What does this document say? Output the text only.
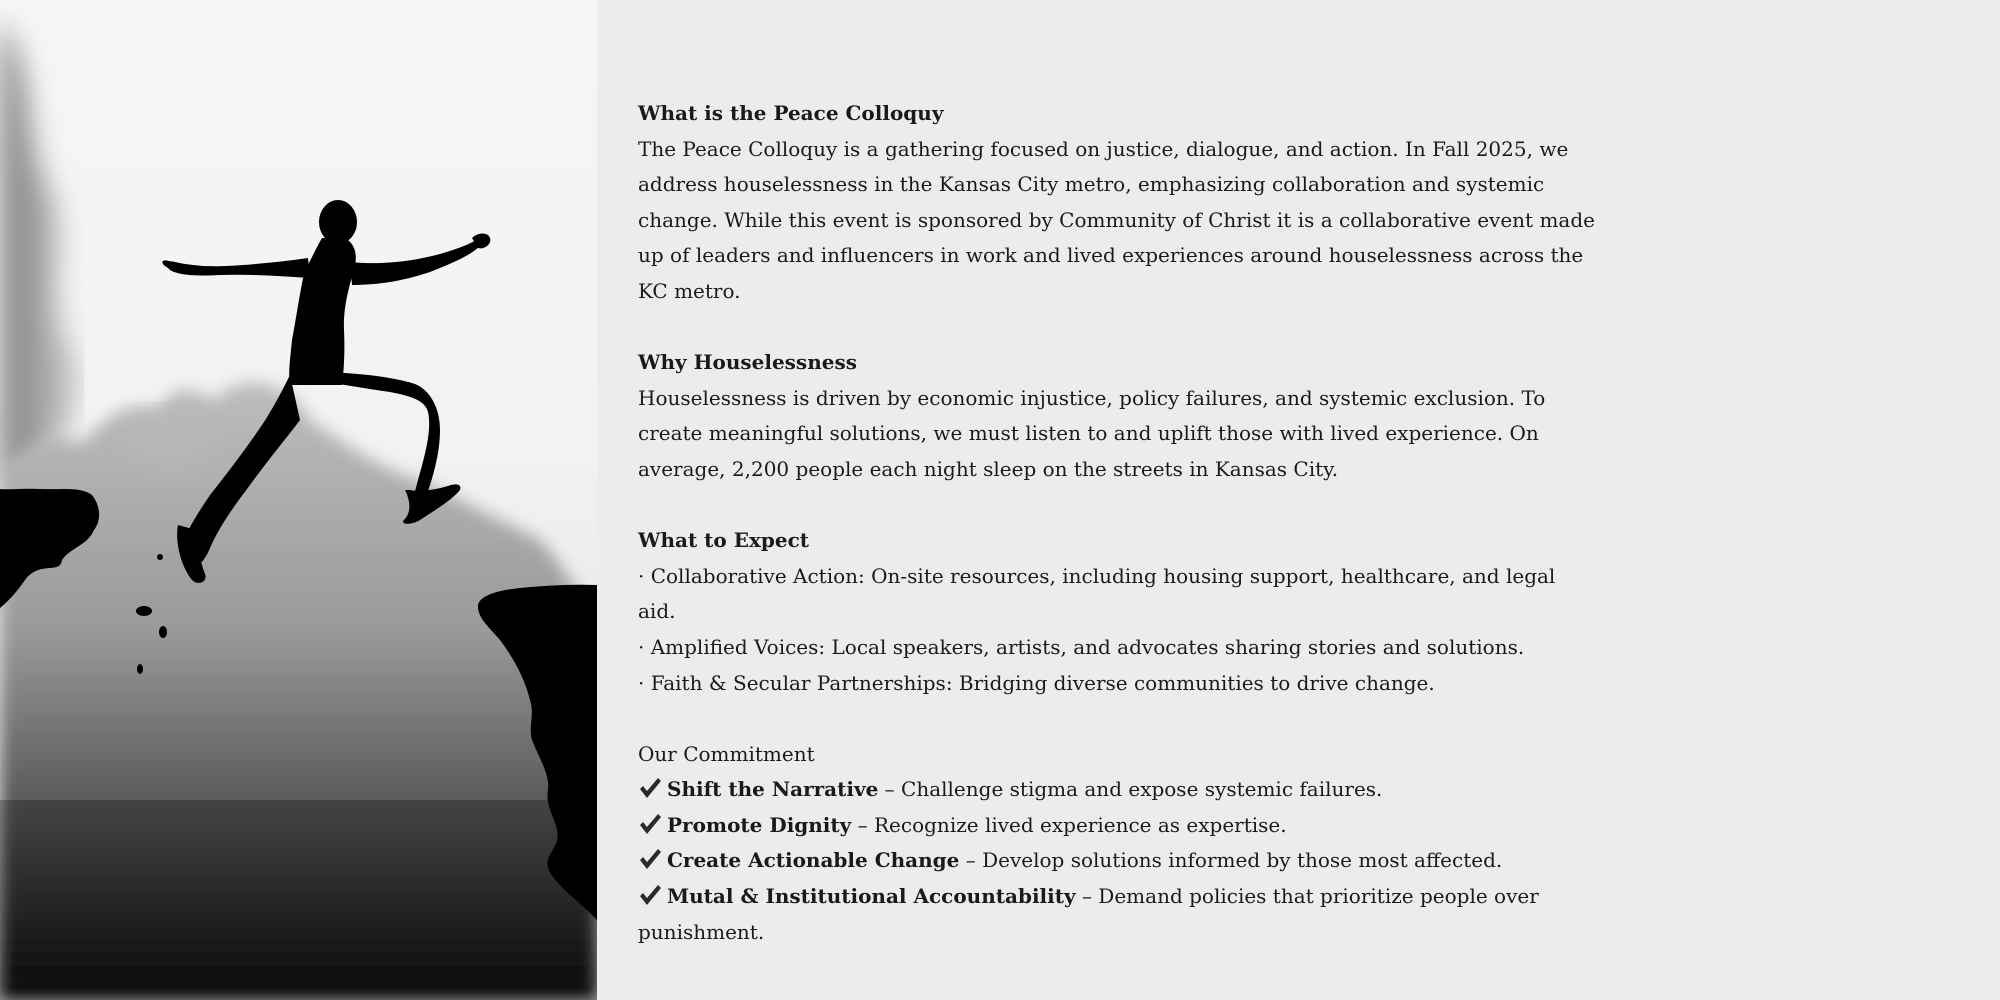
What is the Peace Colloquy
The Peace Colloquy is a gathering focused on justice, dialogue, and action. In Fall 2025, we address houselessness in the Kansas City metro, emphasizing collaboration and systemic change. While this event is sponsored by Community of Christ it is a collaborative event made up of leaders and influencers in work and lived experiences around houselessness across the KC metro.
Why Houselessness
Houselessness is driven by economic injustice, policy failures, and systemic exclusion. To create meaningful solutions, we must listen to and uplift those with lived experience. On average, 2,200 people each night sleep on the streets in Kansas City.
What to Expect
· Collaborative Action: On-site resources, including housing support, healthcare, and legal aid.
· Amplified Voices: Local speakers, artists, and advocates sharing stories and solutions.
· Faith & Secular Partnerships: Bridging diverse communities to drive change.
Our Commitment
Shift the Narrative – Challenge stigma and expose systemic failures.
Promote Dignity – Recognize lived experience as expertise.
Create Actionable Change – Develop solutions informed by those most affected.
Mutal & Institutional Accountability – Demand policies that prioritize people over punishment.
